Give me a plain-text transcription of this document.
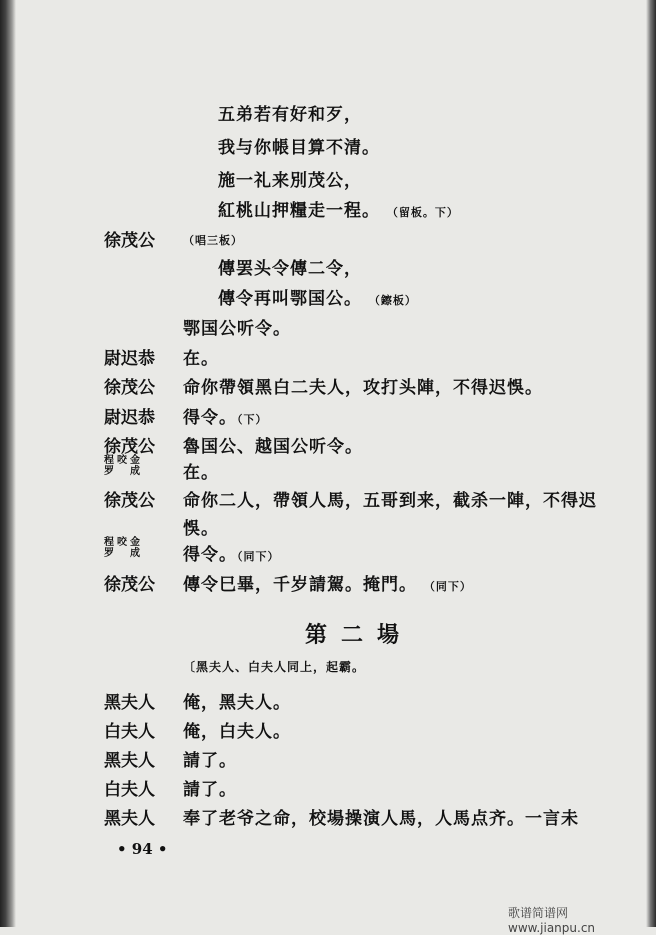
五弟若有好和歹，
我与你帳目算不清。
施一礼来別茂公，
紅桃山押糧走一程。 （留板。下）
徐茂公	（唱三板）
傳罢头令傳二令，
傳令再叫鄂国公。 （鑔板）
鄂国公听令。
尉迟恭 在。
徐茂公 命你帶領黑白二夫人，攻打头陣，不得迟悞。
尉迟恭 得令。（下）
徐茂公 魯国公、越国公听令。
程咬金
罗　成 在。
徐茂公 命你二人，帶領人馬，五哥到来，截杀一陣，不得迟
悞。
程咬金
罗　成 得令。（同下）
徐茂公 傳令巳畢，千岁請駕。掩門。 （同下）
第二場
〔黑夫人、白夫人同上，起霸。
黑夫人 俺，黑夫人。
白夫人 俺，白夫人。
黑夫人 請了。
白夫人 請了。
黑夫人 奉了老爷之命，校場操演人馬，人馬点齐。一言未
• 94 •
歌谱简谱网 www.jianpu.cn
